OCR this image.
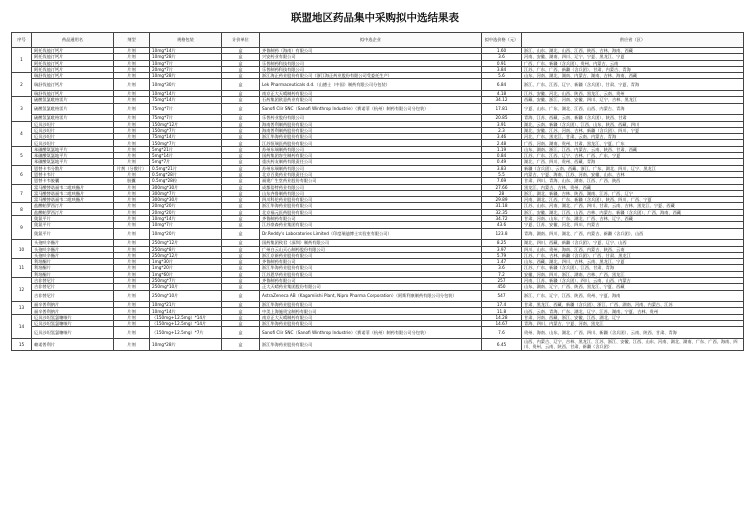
联盟地区药品集中采购拟中选结果表
序号	药品通用名	剂型	规格包装	计价单位	拟中选企业	拟中选价格（元）	供应省（区）
1	阿托伐他汀钙片	片剂	10mg*14片	盒	齐鲁制药（海南）有限公司	1.60	浙江、山东、湖北、山西、江西、陕西、吉林、海南、西藏
	阿托伐他汀钙片	片剂	10mg*28片	盒	兴安药业有限公司	3.6	河南、安徽、湖南、四川、辽宁、宁夏、黑龙江、宁夏
	阿托伐他汀钙片	片剂	10mg*7片	盒	乐普制药科技有限公司	0.91	广西、广东、新疆（含兵团）、贵州、内蒙古、云南
	阿托伐他汀钙片	片剂	20mg*7片	盒	乐普制药科技有限公司	3.84	江苏、广东、广西、新疆（含兵团）、甘肃、内蒙古、青海
2	瑞舒伐他汀钙片	片剂	10mg*28片	盒	浙江海正药业股份有限公司（浙江海正药业股份有限公司受委托生产）	5.6	山东、河南、湖北、湖南、内蒙古、湖南、吉林、海南、西藏
	瑞舒伐他汀钙片	片剂	10mg*30片	盒	Lek Pharmaceuticals d.d.（山德士（中国）制药有限公司分包装）	6.84	浙江、广东、江西、辽宁、新疆（含兵团）、甘肃、宁夏、青海
	瑞舒伐他汀钙片	片剂	10mg*14片	盒	南京正大天晴制药有限公司	4.18	江苏、安徽、河北、山西、陕西、黑龙江、云南、贵州
3	硫酸氢氯吡格雷片	片剂	75mg*14片	盒	石药集团欧意药业有限公司	34.12	西藏、安徽、浙江、河南、安徽、四川、辽宁、吉林、黑龙江
	硫酸氢氯吡格雷片	片剂	75mg*7片	盒	Sanofi Clir SNC（Sanofi Winthrop Industrie）（赛诺菲（杭州）制药有限公司分包装）	17.81	宁夏、山东、广东、湖北、江西、山西、内蒙古、青海
	硫酸氢氯吡格雷片	片剂	75mg*7片	盒	乐普药业股份有限公司	20.85	青海、江苏、西藏、云南、新疆（含兵团）、陕西、甘肃
4	厄贝沙坦片	片剂	150mg*12片	盒	海南普利制药股份有限公司	3.91	湖北、云南、新疆（含兵团）、江西、山东、陕西、西藏、四川
	厄贝沙坦片	片剂	150mg*7片	盒	海南普利制药股份有限公司	2.3	湖北、安徽、江苏、河南、吉林、新疆（含兵团）、四川、宁夏
	厄贝沙坦片	片剂	75mg*14片	盒	浙江华海药业股份有限公司	3.46	河北、广东、黑龙江、甘肃、云南、内蒙古、青海
	厄贝沙坦片	片剂	150mg*7片	盒	江苏恒瑞医药股份有限公司	2.48	广西、河南、湖南、贵州、甘肃、黑龙江、宁夏、广东
5	苯磺酸氨氯地平片	片剂	5mg*21片	盒	苏州东瑞制药有限公司	1.19	山东、湖南、浙江、江西、内蒙古、云南、陕西、甘肃、西藏
	苯磺酸氨氯地平片	片剂	5mg*14片	盒	国药集团容生制药有限公司	0.84	江苏、广东、江西、辽宁、吉林、广西、广东、宁夏
	苯磺酸氨氯地平片	片剂	5mg*7片	盒	重庆药友制药有限责任公司	0.49	湖北、广西、四川、贵州、西藏、青海
6	恩替卡韦分散片	片剂（分散片）	0.5mg*21片	盒	苏州东瑞制药有限公司	3.83	新疆（含兵团）、云南、西藏、浙江、广东、湖北、四川、辽宁、黑龙江
	恩替卡韦片	片剂	0.5mg*28片	盒	北京百奥药业有限责任公司	5.5	内蒙古、宁夏、海南、江苏、河南、安徽、山东、吉林
	恩替卡韦胶囊	胶囊	0.5mg*28粒	盒	福建广生堂药业股份有限公司	7.69	甘肃、四川、青海、山东、湖南、江西、广西、陕西
7	富马酸替诺福韦二吡呋酯片	片剂	300mg*30片	盒	成都倍特药业有限公司	27.66	黑龙江、内蒙古、吉林、贵州、西藏
	富马酸替诺福韦二吡呋酯片	片剂	300mg*7片	盒	山东齐鲁制药有限公司	28	浙江、湖北、新疆、吉林、陕西、湖南、江苏、广西、辽宁
	富马酸替诺福韦二吡呋酯片	片剂	300mg*30片	盒	四川科伦药业股份有限公司	29.89	河南、湖北、江西、广东、新疆（含兵团）、陕西、四川、广西、宁夏
8	盐酸帕罗西汀片	片剂	20mg*20片	盒	浙江华海药业股份有限公司	31.18	江苏、山东、河南、湖北、广西、四川、甘肃、云南、吉林、黑龙江、宁夏、西藏
	盐酸帕罗西汀片	片剂	20mg*20片	盒	北京福元医药股份有限公司	32.35	浙江、安徽、湖北、江西、山西、吉林、内蒙古、新疆（含兵团）、广西、海南、西藏
9	奥氮平片	片剂	10mg*14片	盒	齐鲁制药有限公司	34.72	甘肃、河南、山东、广东、湖北、广西、吉林、辽宁、西藏
	奥氮平片	片剂	10mg*7片	盒	江苏豪森药业集团有限公司	43.6	宁夏、江苏、安徽、河北、四川、内蒙古
	奥氮平片	片剂	10mg*20片	盒	Dr.Reddy's Laboratories Limited（印度瑞迪博士实验室有限公司）	123.8	青海、湖南、四川、湖北、广西、内蒙古、新疆（含兵团）、山西
10	头孢呋辛酯片	片剂	250mg*12片	盒	国药集团致君（深圳）制药有限公司	8.25	湖北、四川、西藏、新疆（含兵团）、宁夏、辽宁、山西
	头孢呋辛酯片	片剂	250mg*8片	盒	广州白云山天心制药股份有限公司	3.97	四川、山东、贵州、海南、江西、内蒙古、陕西、云南
	头孢呋辛酯片	片剂	250mg*12片	盒	浙江京新药业股份有限公司	5.79	江苏、广东、吉林、新疆（含兵团）、广西、甘肃、黑龙江
11	利培酮片	片剂	1mg*30片	盒	齐鲁制药有限公司	1.47	山东、西藏、湖北、四川、吉林、云南、黑龙江、宁夏
	利培酮片	片剂	1mg*20片	盒	浙江华海药业股份有限公司	3.6	江苏、广东、新疆（含兵团）、江西、甘肃、青海
	利培酮片	片剂	1mg*60片	盒	江苏恩华药业股份有限公司	7.2	安徽、河南、四川、浙江、湖南、吉林、广西、黑龙江
12	吉非替尼片	片剂	250mg*7片	盒	齐鲁制药有限公司	257	河南、江苏、新疆（含兵团）、四川、云南、山西、内蒙古
	吉非替尼片	片剂	250mg*10片	盒	正大天晴药业集团股份有限公司	450	山东、湖南、辽宁、广西、陕西、黑龙江、宁夏、西藏
	吉非替尼片	片剂	250mg*10片	盒	AstraZeneca AB（Kagamiishi Plant, Nipro Pharma Corporation）（阿斯利康制药有限公司分包装）	547	浙江、广东、辽宁、江西、陕西、贵州、宁夏、海南
13	福辛普利钠片	片剂	10mg*21片	盒	浙江华海药业股份有限公司	17.4	甘肃、黑龙江、西藏、新疆（含兵团）、浙江、广西、湖南、河南、内蒙古、江苏
	福辛普利钠片	片剂	10mg*14片	盒	中美上海施贵宝制药有限公司	11.8	山西、云南、青海、广东、湖北、辽宁、江苏、湖南、宁夏、吉林、贵州
14	厄贝沙坦氢氯噻嗪片	片剂	（150mg+12.5mg）*14片	盒	南京正大天晴制药有限公司	14.28	甘肃、河南、西藏、浙江、安徽、江西、湖北、辽宁
	厄贝沙坦氢氯噻嗪片	片剂	（150mg+12.5mg）*14片	盒	浙江华海药业股份有限公司	14.67	青海、四川、内蒙古、宁夏、河南、黑龙江
	厄贝沙坦氢氯噻嗪片	片剂	（150mg+12.5mg）*7片	盒	Sanofi Clir SNC（Sanofi Winthrop Industrie）（赛诺菲（杭州）制药有限公司分包装）	7.6	贵州、海南、山东、湖北、广西、四川、新疆（含兵团）、云南、陕西、甘肃、青海
15	赖诺普利片	片剂	10mg*28片	盒	浙江华海药业股份有限公司	6.45	山西、内蒙古、辽宁、吉林、黑龙江、江苏、浙江、安徽、江西、山东、河南、湖北、湖南、广东、广西、海南、四川、贵州、云南、陕西、甘肃、新疆（含兵团）
